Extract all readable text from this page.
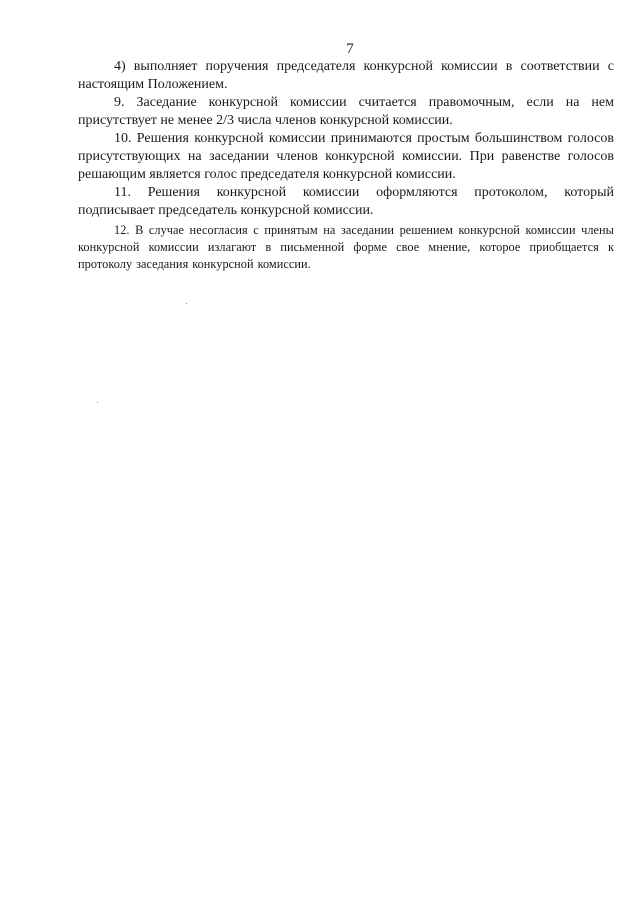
7

4) выполняет поручения председателя конкурсной комиссии в соответствии с настоящим Положением.

9. Заседание конкурсной комиссии считается правомочным, если на нем присутствует не менее 2/3 числа членов конкурсной комиссии.

10. Решения конкурсной комиссии принимаются простым большинством голосов присутствующих на заседании членов конкурсной комиссии. При равенстве голосов решающим является голос председателя конкурсной комиссии.

11. Решения конкурсной комиссии оформляются протоколом, который подписывает председатель конкурсной комиссии.

12. В случае несогласия с принятым на заседании решением конкурсной комиссии члены конкурсной комиссии излагают в письменной форме свое мнение, которое приобщается к протоколу заседания конкурсной комиссии.
